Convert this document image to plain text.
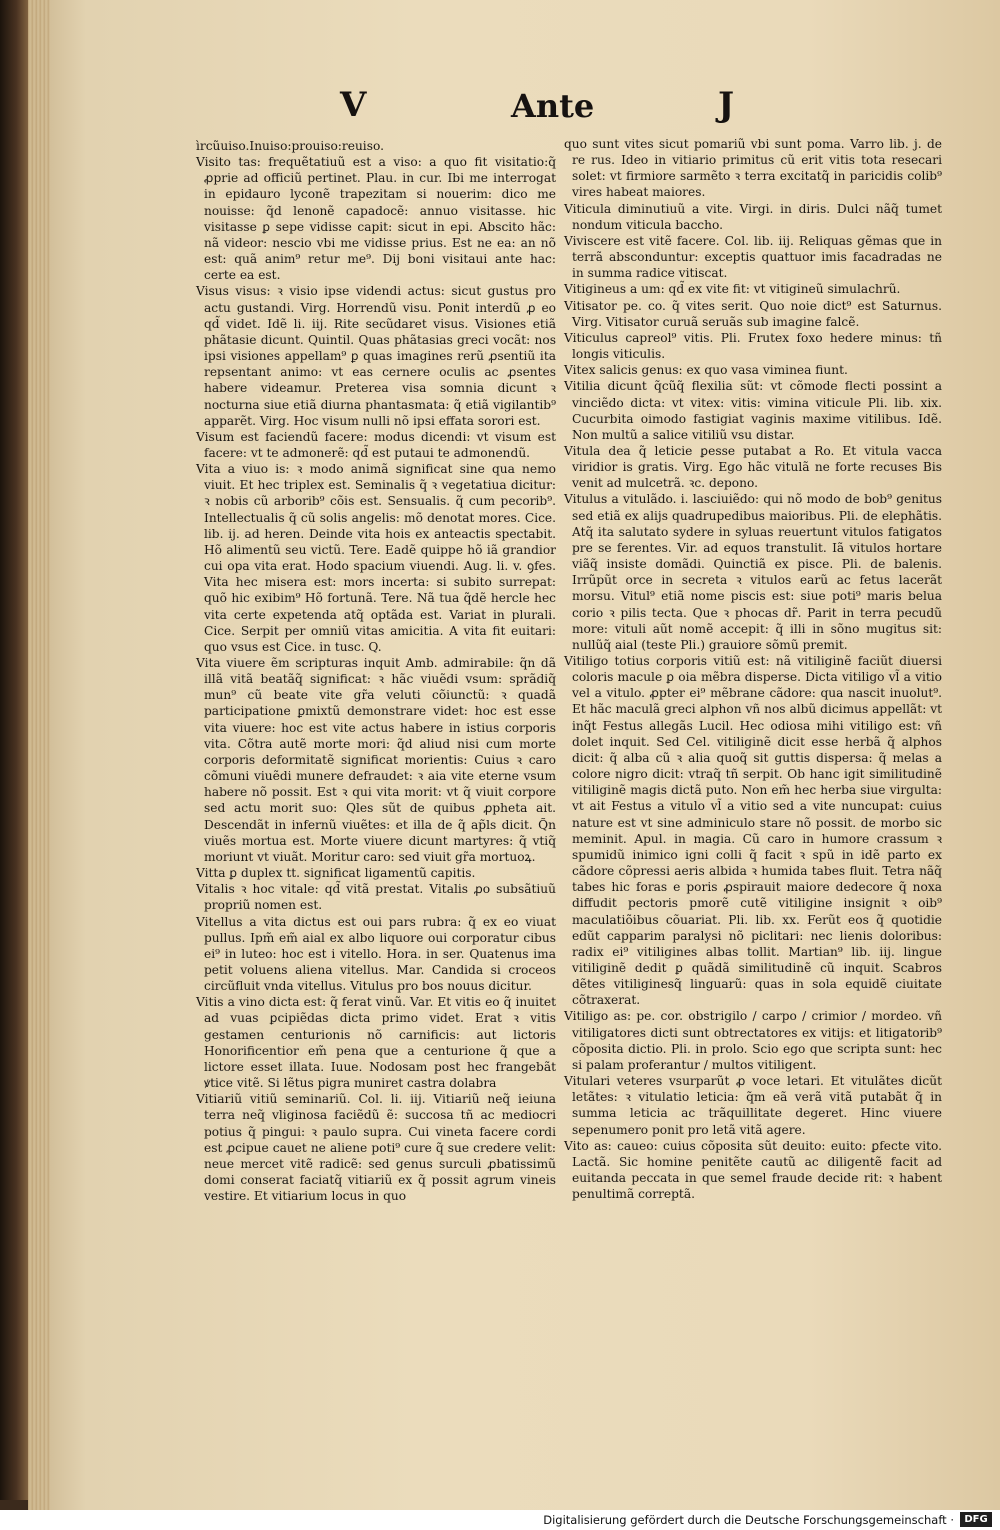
V	Ante	J

ìrcũuiso.Inuiso:prouiso:reuiso.

Visito tas: frequẽtatiuũ est a viso: a quo fit visitatio:q̃ ꝓprie ad officiũ pertinet. Plau. in cur. Ibi me interrogat in epidauro lyconẽ trapezitam si nouerim: dico me nouisse: q̃d lenonẽ capadocẽ: annuo visitasse. hic visitasse ꝑ sepe vidisse capit: sicut in epi. Abscito hãc: nã videor: nescio vbi me vidisse prius. Est ne ea: an nõ est: quã anim⁹ retur me⁹. Dij boni visitaui ante hac: certe ea est.

Visus visus: ꝛ visio ipse videndi actus: sicut gustus pro actu gustandi. Virg. Horrendũ visu. Ponit interdũ ꝓ eo qd̃ videt. Idẽ li. iij. Rite secũdaret visus. Visiones etiã phãtasie dicunt. Quintil. Quas phãtasias greci vocãt: nos ipsi visiones appellam⁹ ꝑ quas imagines rerũ ꝓsentiũ ita repsentant animo: vt eas cernere oculis ac ꝓsentes habere videamur. Preterea visa somnia dicunt ꝛ nocturna siue etiã diurna phantasmata: q̃ etiã vigilantib⁹ apparẽt. Virg. Hoc visum nulli nõ ipsi effata sorori est.

Visum est faciendũ facere: modus dicendi: vt visum est facere: vt te admonerẽ: qd̃ est putaui te admonendũ.

Vita a viuo is: ꝛ modo animã significat sine qua nemo viuit. Et hec triplex est. Seminalis q̃ ꝛ vegetatiua dicitur: ꝛ nobis cũ arborib⁹ cõis est. Sensualis. q̃ cum pecorib⁹. Intellectualis q̃ cũ solis angelis: mõ denotat mores. Cice. lib. ij. ad heren. Deinde vita hois ex anteactis spectabit. Hõ alimentũ seu victũ. Tere. Eadẽ quippe hõ iã grandior cui opa vita erat. Hodo spacium viuendi. Aug. li. v. ꝯfes. Vita hec misera est: mors incerta: si subito surrepat: quõ hic exibim⁹ Hõ fortunã. Tere. Nã tua q̃dẽ hercle hec vita certe expetenda atq̃ optãda est. Variat in plurali. Cice. Serpit per omniũ vitas amicitia. A vita fit euitari: quo vsus est Cice. in tusc. Q.

Vita viuere ẽm scripturas inquit Amb. admirabile: q̃n dã illã vitã beatãq̃ significat: ꝛ hãc viuẽdi vsum: sprãdiq̃ mun⁹ cũ beate vite gr̃a veluti cõiunctũ: ꝛ quadã participatione ꝑmixtũ demonstrare videt: hoc est esse vita viuere: hoc est vite actus habere in istius corporis vita. Cõtra autẽ morte mori: q̃d aliud nisi cum morte corporis deformitatẽ significat morientis: Cuius ꝛ caro cõmuni viuẽdi munere defraudet: ꝛ aia vite eterne vsum habere nõ possit. Est ꝛ qui vita morit: vt q̃ viuit corpore sed actu morit suo: Qles sũt de quibus ꝓpheta ait. Descendãt in infernũ viuẽtes: et illa de q̃ ap̃ls dicit. Q̃n viuẽs mortua est. Morte viuere dicunt martyres: q̃ vtiq̃ moriunt vt viuãt. Moritur caro: sed viuit gr̃a mortuoꝝ.

Vitta ꝑ duplex tt. significat ligamentũ capitis.

Vitalis ꝛ hoc vitale: qd̃ vitã prestat. Vitalis ꝓo subsãtiuũ propriũ nomen est.

Vitellus a vita dictus est oui pars rubra: q̃ ex eo viuat pullus. Ipm̃ em̃ aial ex albo liquore oui corporatur cibus ei⁹ in luteo: hoc est i vitello. Hora. in ser. Quatenus ima petit voluens aliena vitellus. Mar. Candida si croceos circũfluit vnda vitellus. Vitulus pro bos nouus dicitur.

Vitis a vino dicta est: q̃ ferat vinũ. Var. Et vitis eo q̃ inuitet ad vuas ꝑcipiẽdas dicta primo videt. Erat ꝛ vitis gestamen centurionis nõ carnificis: aut lictoris Honorificentior em̃ pena que a centurione q̃ que a lictore esset illata. Iuue. Nodosam post hec frangebãt ꝟtice vitẽ. Si lẽtus pigra muniret castra dolabra

Vitiariũ vitiũ seminariũ. Col. li. iij. Vitiariũ neq̃ ieiuna terra neq̃ vliginosa faciẽdũ ẽ: succosa tñ ac mediocri potius q̃ pingui: ꝛ paulo supra. Cui vineta facere cordi est ꝓcipue cauet ne aliene poti⁹ cure q̃ sue credere velit: neue mercet vitẽ radicẽ: sed genus surculi ꝓbatissimũ domi conserat faciatq̃ vitiariũ ex q̃ possit agrum vineis vestire. Et vitiarium locus in quo

quo sunt vites sicut pomariũ vbi sunt poma. Varro lib. j. de re rus. Ideo in vitiario primitus cũ erit vitis tota resecari solet: vt firmiore sarmẽto ꝛ terra excitatq̃ in paricidis colib⁹ vires habeat maiores.

Viticula diminutiuũ a vite. Virgi. in diris. Dulci nãq̃ tumet nondum viticula baccho.

Viviscere est vitẽ facere. Col. lib. iij. Reliquas gẽmas que in terrã absconduntur: exceptis quattuor imis facadradas ne in summa radice vitiscat.

Vitigineus a um: qd̃ ex vite fit: vt vitigineũ simulachrũ.

Vitisator pe. co. q̃ vites serit. Quo noie dict⁹ est Saturnus. Virg. Vitisator curuã seruãs sub imagine falcẽ.

Viticulus capreol⁹ vitis. Pli. Frutex foxo hedere minus: tñ longis viticulis.

Vitex salicis genus: ex quo vasa viminea fiunt.

Vitilia dicunt q̃cũq̃ flexilia sũt: vt cõmode flecti possint a vinciẽdo dicta: vt vitex: vitis: vimina viticule Pli. lib. xix. Cucurbita oimodo fastigiat vaginis maxime vitilibus. Idẽ. Non multũ a salice vitiliũ vsu distar.

Vitula dea q̃ leticie ꝑesse putabat a Ro. Et vitula vacca viridior is gratis. Virg. Ego hãc vitulã ne forte recuses Bis venit ad mulcetrã. ꝛc. depono.

Vitulus a vitulãdo. i. lasciuiẽdo: qui nõ modo de bob⁹ genitus sed etiã ex alijs quadrupedibus maioribus. Pli. de elephãtis. Atq̃ ita salutato sydere in syluas reuertunt vitulos fatigatos pre se ferentes. Vir. ad equos transtulit. Iã vitulos hortare viãq̃ insiste domãdi. Quinctiã ex pisce. Pli. de balenis. Irrũpũt orce in secreta ꝛ vitulos earũ ac fetus lacerãt morsu. Vitul⁹ etiã nome piscis est: siue poti⁹ maris belua corio ꝛ pilis tecta. Que ꝛ phocas dr̃. Parit in terra pecudũ more: vituli aũt nomẽ accepit: q̃ illi in sõno mugitus sit: nullũq̃ aial (teste Pli.) grauiore sõmũ premit.

Vitiligo totius corporis vitiũ est: nã vitiliginẽ faciũt diuersi coloris macule ꝑ oia mẽbra disperse. Dicta vitiligo vl̃ a vitio vel a vitulo. ꝓpter ei⁹ mẽbrane cãdore: qua nascit inuolut⁹. Et hãc maculã greci alphon vñ nos albũ dicimus appellãt: vt inq̃t Festus allegãs Lucil. Hec odiosa mihi vitiligo est: vñ dolet inquit. Sed Cel. vitiliginẽ dicit esse herbã q̃ alphos dicit: q̃ alba cũ ꝛ alia quoq̃ sit guttis dispersa: q̃ melas a colore nigro dicit: vtraq̃ tñ serpit. Ob hanc igit similitudinẽ vitiliginẽ magis dictã puto. Non em̃ hec herba siue virgulta: vt ait Festus a vitulo vl̃ a vitio sed a vite nuncupat: cuius nature est vt sine adminiculo stare nõ possit. de morbo sic meminit. Apul. in magia. Cũ caro in humore crassum ꝛ spumidũ inimico igni colli q̃ facit ꝛ spũ in idẽ parto ex cãdore cõpressi aeris albida ꝛ humida tabes fluit. Tetra nãq̃ tabes hic foras e poris ꝓspirauit maiore dedecore q̃ noxa diffudit pectoris pmorẽ cutẽ vitiligine insignit ꝛ oib⁹ maculatiõibus cõuariat. Pli. lib. xx. Ferũt eos q̃ quotidie edũt capparim paralysi nõ piclitari: nec lienis doloribus: radix ei⁹ vitiligines albas tollit. Martian⁹ lib. iij. lingue vitiliginẽ dedit ꝑ quãdã similitudinẽ cũ inquit. Scabros dẽtes vitiliginesq̃ linguarũ: quas in sola equidẽ ciuitate cõtraxerat.

Vitiligo as: pe. cor. obstrigilo / carpo / crimior / mordeo. vñ vitiligatores dicti sunt obtrectatores ex vitijs: et litigatorib⁹ cõposita dictio. Pli. in prolo. Scio ego que scripta sunt: hec si palam proferantur / multos vitiligent.

Vitulari veteres vsurparũt ꝓ voce letari. Et vitulãtes dicũt letãtes: ꝛ vitulatio leticia: q̃m eã verã vitã putabãt q̃ in summa leticia ac trãquillitate degeret. Hinc viuere sepenumero ponit pro letã vitã agere.

Vito as: caueo: cuius cõposita sũt deuito: euito: ꝑfecte vito. Lactã. Sic homine penitẽte cautũ ac diligentẽ facit ad euitanda peccata in que semel fraude decide rit: ꝛ habent penultimã correptã.

Digitalisierung gefördert durch die Deutsche Forschungsgemeinschaft ·	DFG
